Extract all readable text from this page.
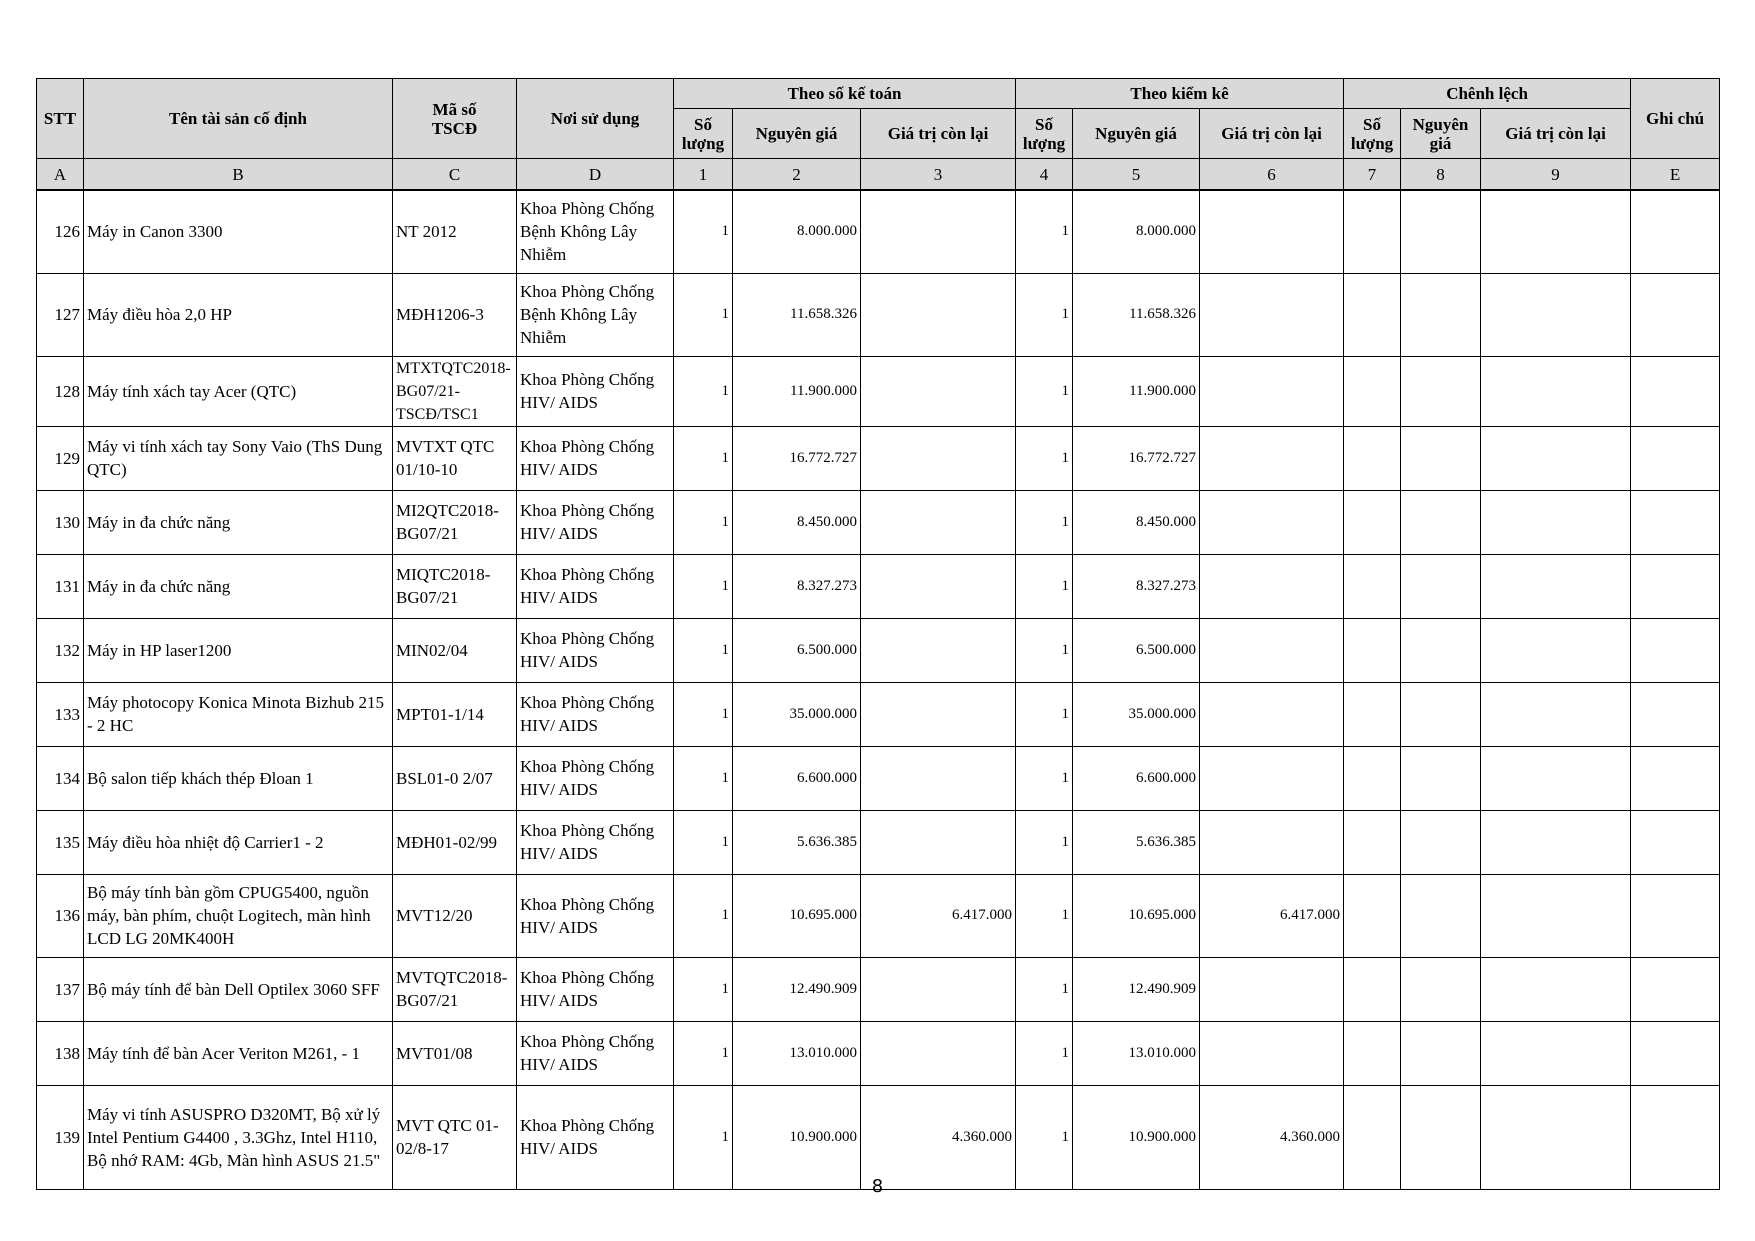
STT	Tên tài sản cố định	Mã số TSCĐ	Nơi sử dụng	Theo số kế toán			Theo kiểm kê			Chênh lệch			Ghi chú
				Số lượng	Nguyên giá	Giá trị còn lại	Số lượng	Nguyên giá	Giá trị còn lại	Số lượng	Nguyên giá	Giá trị còn lại	
A	B	C	D	1	2	3	4	5	6	7	8	9	E
126	Máy in Canon 3300	NT 2012	Khoa Phòng Chống Bệnh Không Lây Nhiễm	1	8.000.000		1	8.000.000					
127	Máy điều hòa 2,0 HP	MĐH1206-3	Khoa Phòng Chống Bệnh Không Lây Nhiễm	1	11.658.326		1	11.658.326					
128	Máy tính xách tay Acer (QTC)	MTXTQTC2018-BG07/21-TSCĐ/TSC1	Khoa Phòng Chống HIV/ AIDS	1	11.900.000		1	11.900.000					
129	Máy vi tính xách tay Sony Vaio (ThS Dung QTC)	MVTXT QTC 01/10-10	Khoa Phòng Chống HIV/ AIDS	1	16.772.727		1	16.772.727					
130	Máy in đa chức năng	MI2QTC2018-BG07/21	Khoa Phòng Chống HIV/ AIDS	1	8.450.000		1	8.450.000					
131	Máy in đa chức năng	MIQTC2018-BG07/21	Khoa Phòng Chống HIV/ AIDS	1	8.327.273		1	8.327.273					
132	Máy in HP laser1200	MIN02/04	Khoa Phòng Chống HIV/ AIDS	1	6.500.000		1	6.500.000					
133	Máy photocopy Konica Minota Bizhub 215 - 2 HC	MPT01-1/14	Khoa Phòng Chống HIV/ AIDS	1	35.000.000		1	35.000.000					
134	Bộ salon tiếp khách thép Đloan 1	BSL01-0 2/07	Khoa Phòng Chống HIV/ AIDS	1	6.600.000		1	6.600.000					
135	Máy điều hòa nhiệt độ Carrier1 - 2	MĐH01-02/99	Khoa Phòng Chống HIV/ AIDS	1	5.636.385		1	5.636.385					
136	Bộ máy tính bàn gồm CPUG5400, nguồn máy, bàn phím, chuột Logitech, màn hình LCD LG 20MK400H	MVT12/20	Khoa Phòng Chống HIV/ AIDS	1	10.695.000	6.417.000	1	10.695.000	6.417.000				
137	Bộ máy tính để bàn Dell Optilex 3060 SFF	MVTQTC2018-BG07/21	Khoa Phòng Chống HIV/ AIDS	1	12.490.909		1	12.490.909					
138	Máy tính để bàn Acer Veriton M261, - 1	MVT01/08	Khoa Phòng Chống HIV/ AIDS	1	13.010.000		1	13.010.000					
139	Máy vi tính ASUSPRO D320MT, Bộ xử lý Intel Pentium G4400 , 3.3Ghz, Intel H110, Bộ nhớ RAM: 4Gb, Màn hình ASUS 21.5"	MVT QTC 01-02/8-17	Khoa Phòng Chống HIV/ AIDS	1	10.900.000	4.360.000	1	10.900.000	4.360.000				
8
